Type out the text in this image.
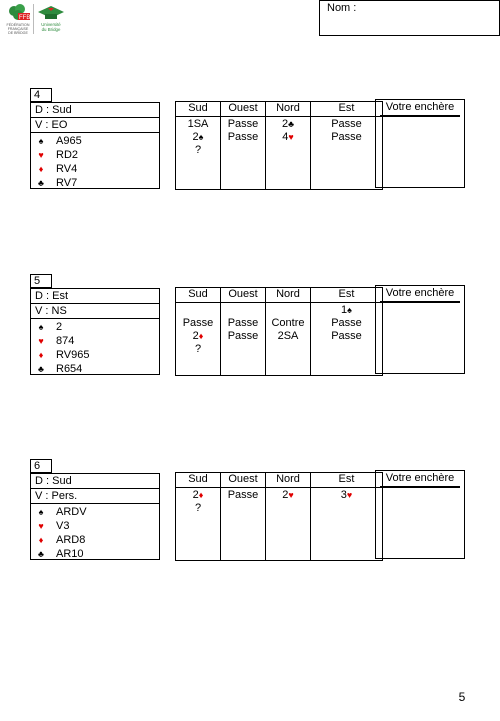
FFB
FÉDÉRATION
FRANÇAISE
DE BRIDGE
Université
du Bridge
Nom :
4
D : Sud
V : EO
♠ A965
♥ RD2
♦ RV4
♣ RV7
Sud
1SA
2♠
?
Ouest
Passe
Passe
Nord
2♣
4♥
Est
Passe
Passe
Votre enchère
5
D : Est
V : NS
♠ 2
♥ 874
♦ RV965
♣ R654
Sud
Passe
2♦
?
Ouest
Passe
Passe
Nord
Contre
2SA
Est
1♠
Passe
Passe
Votre enchère
6
D : Sud
V : Pers.
♠ ARDV
♥ V3
♦ ARD8
♣ AR10
Sud
2♦
?
Ouest
Passe
Nord
2♥
Est
3♥
Votre enchère
5
